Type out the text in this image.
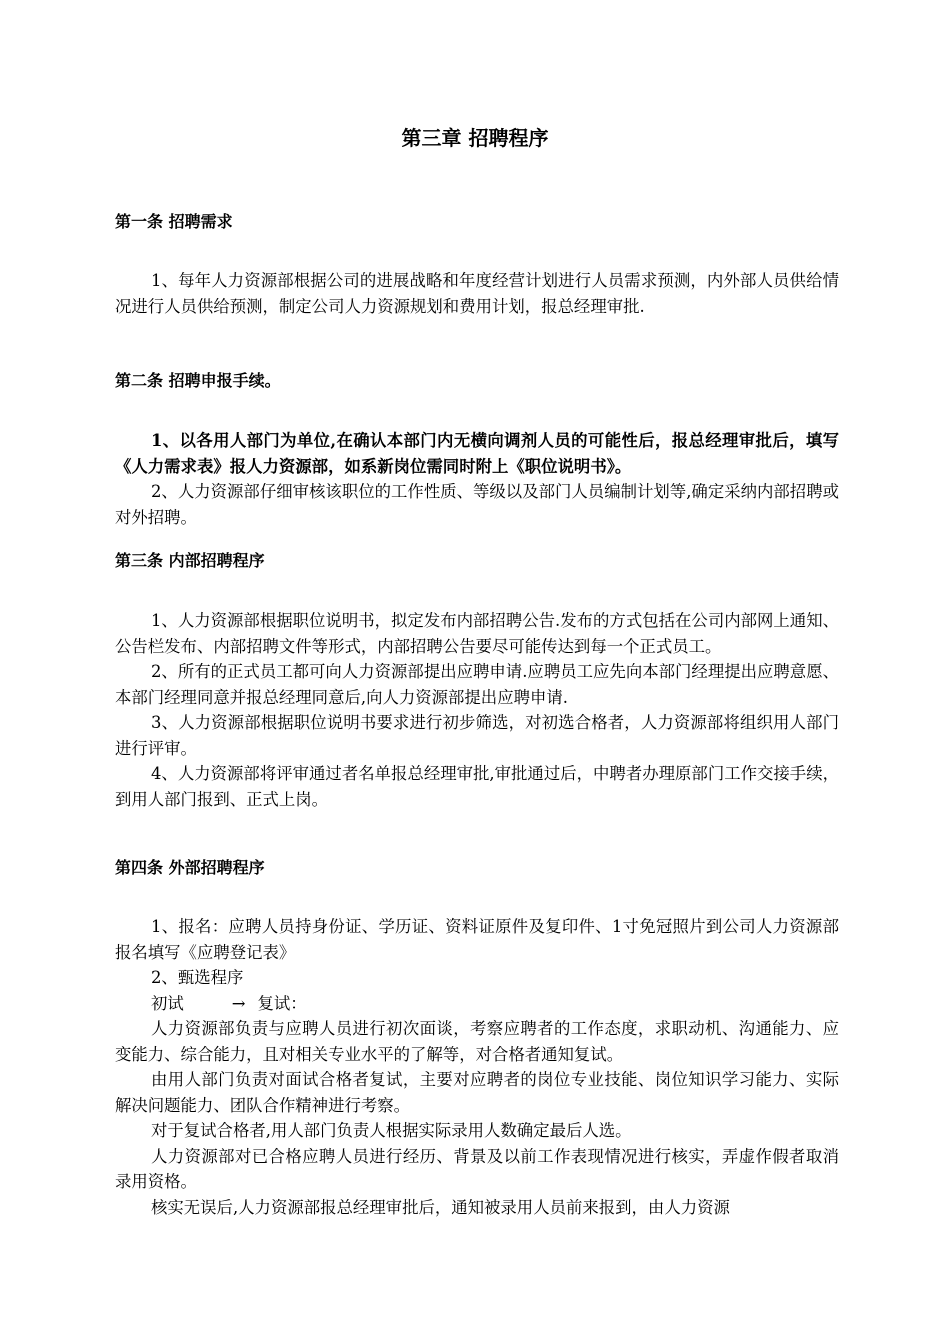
第三章 招聘程序
第一条 招聘需求

1、每年人力资源部根据公司的进展战略和年度经营计划进行人员需求预测，内外部人员供给情况进行人员供给预测，制定公司人力资源规划和费用计划，报总经理审批.

第二条 招聘申报手续。

1、以各用人部门为单位,在确认本部门内无横向调剂人员的可能性后，报总经理审批后，填写《人力需求表》报人力资源部，如系新岗位需同时附上《职位说明书》。

2、人力资源部仔细审核该职位的工作性质、等级以及部门人员编制计划等,确定采纳内部招聘或对外招聘。

第三条 内部招聘程序

1、人力资源部根据职位说明书，拟定发布内部招聘公告.发布的方式包括在公司内部网上通知、公告栏发布、内部招聘文件等形式，内部招聘公告要尽可能传达到每一个正式员工。

2、所有的正式员工都可向人力资源部提出应聘申请.应聘员工应先向本部门经理提出应聘意愿、本部门经理同意并报总经理同意后,向人力资源部提出应聘申请.

3、人力资源部根据职位说明书要求进行初步筛选，对初选合格者，人力资源部将组织用人部门进行评审。

4、人力资源部将评审通过者名单报总经理审批,审批通过后，中聘者办理原部门工作交接手续，到用人部门报到、正式上岗。

第四条 外部招聘程序

1、报名：应聘人员持身份证、学历证、资料证原件及复印件、1寸免冠照片到公司人力资源部报名填写《应聘登记表》

2、甄选程序

初试	→ 复试：

人力资源部负责与应聘人员进行初次面谈，考察应聘者的工作态度，求职动机、沟通能力、应变能力、综合能力，且对相关专业水平的了解等，对合格者通知复试。

由用人部门负责对面试合格者复试，主要对应聘者的岗位专业技能、岗位知识学习能力、实际解决问题能力、团队合作精神进行考察。

对于复试合格者,用人部门负责人根据实际录用人数确定最后人选。

人力资源部对已合格应聘人员进行经历、背景及以前工作表现情况进行核实，弄虚作假者取消录用资格。

核实无误后,人力资源部报总经理审批后，通知被录用人员前来报到，由人力资源
